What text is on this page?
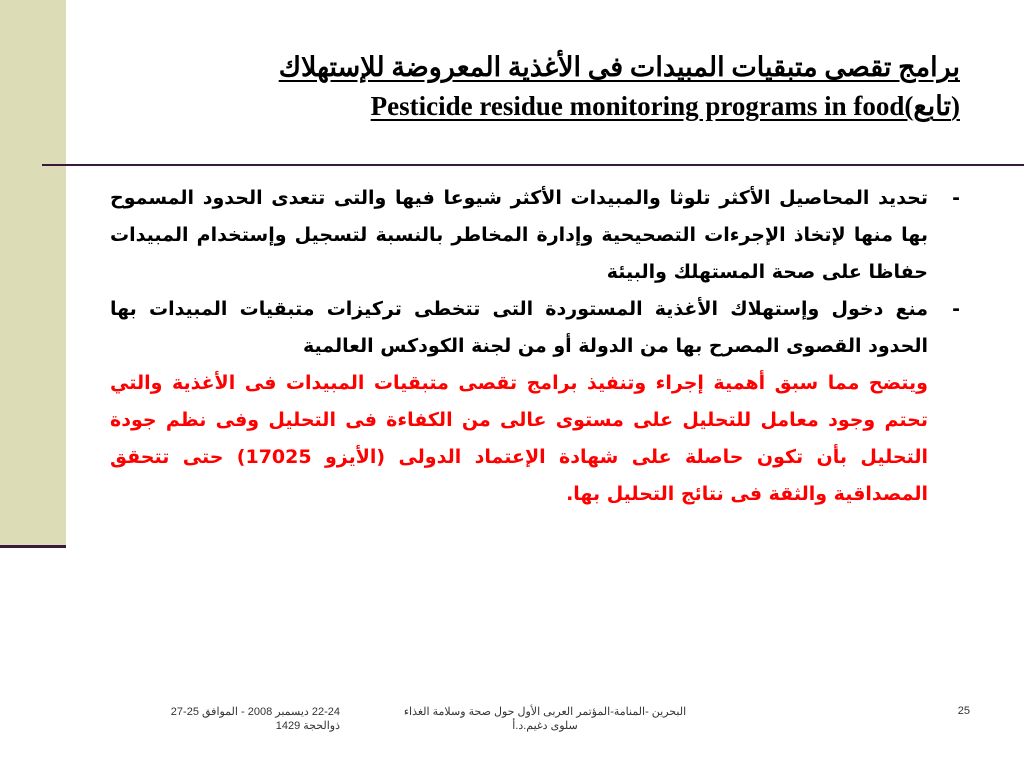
برامج تقصى متبقيات المبيدات فى الأغذية المعروضة للإستهلاك
Pesticide residue monitoring programs in food(تابع)
-
تحديد المحاصيل الأكثر تلوثا والمبيدات الأكثر شيوعا فيها والتى تتعدى الحدود المسموح بها منها لإتخاذ الإجرءات التصحيحية وإدارة المخاطر بالنسبة لتسجيل وإستخدام المبيدات حفاظا على صحة المستهلك والبيئة
-
منع دخول وإستهلاك الأغذية المستوردة التى تتخطى تركيزات متبقيات المبيدات بها الحدود القصوى المصرح بها من الدولة أو من لجنة الكودكس العالمية
ويتضح مما سبق أهمية إجراء وتنفيذ برامج تقصى متبقيات المبيدات فى الأغذية والتي تحتم وجود معامل للتحليل على مستوى عالى من الكفاءة فى التحليل وفى نظم جودة التحليل بأن تكون حاصلة على شهادة الإعتماد الدولى (الأيزو 17025) حتى تتحقق المصداقية والثقة فى نتائج التحليل بها.
22-24 ديسمبر 2008 - الموافق 25-27
ذوالحجة 1429
البحرين -المنامة-المؤتمر العربى الأول حول صحة وسلامة الغذاء
سلوى دغيم.د.أ
25
